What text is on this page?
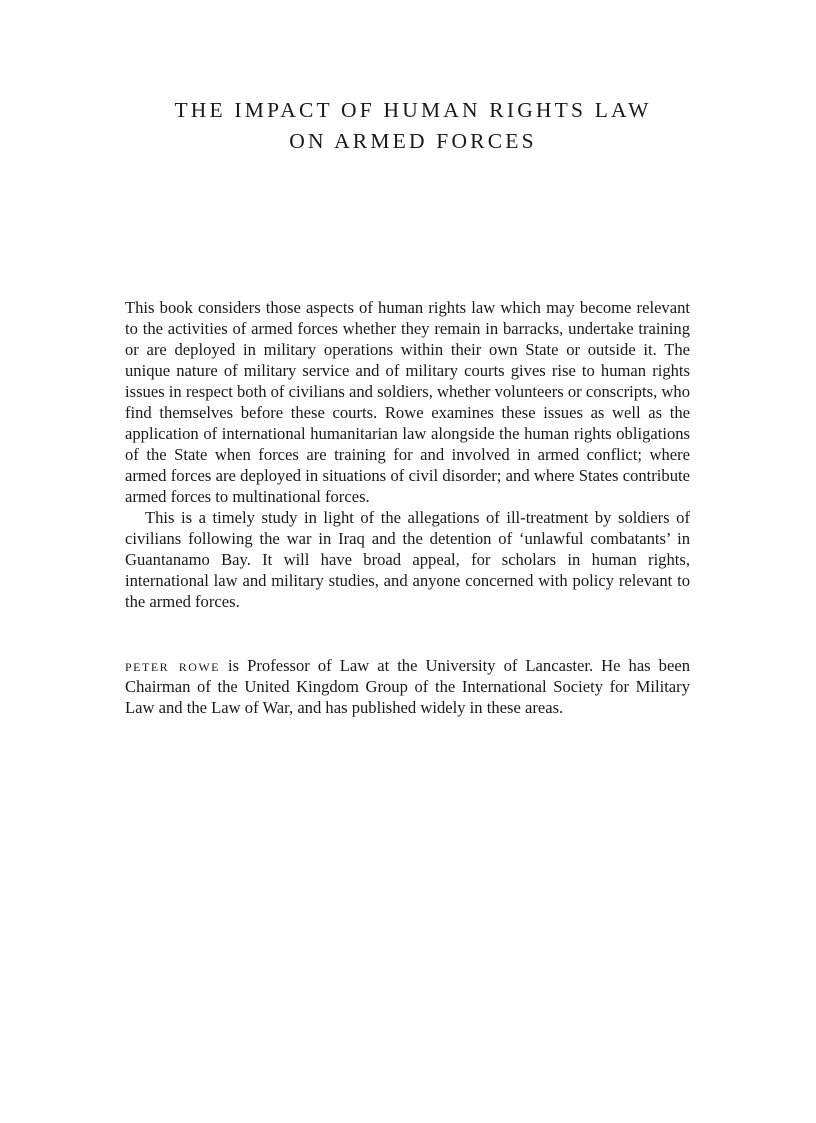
THE IMPACT OF HUMAN RIGHTS LAW
ON ARMED FORCES

This book considers those aspects of human rights law which may become relevant to the activities of armed forces whether they remain in barracks, undertake training or are deployed in military operations within their own State or outside it. The unique nature of military service and of military courts gives rise to human rights issues in respect both of civilians and soldiers, whether volunteers or conscripts, who find themselves before these courts. Rowe examines these issues as well as the application of international humanitarian law alongside the human rights obligations of the State when forces are training for and involved in armed conflict; where armed forces are deployed in situations of civil disorder; and where States contribute armed forces to multinational forces.

This is a timely study in light of the allegations of ill-treatment by soldiers of civilians following the war in Iraq and the detention of ‘unlawful combatants’ in Guantanamo Bay. It will have broad appeal, for scholars in human rights, international law and military studies, and anyone concerned with policy relevant to the armed forces.

peter rowe is Professor of Law at the University of Lancaster. He has been Chairman of the United Kingdom Group of the International Society for Military Law and the Law of War, and has published widely in these areas.
